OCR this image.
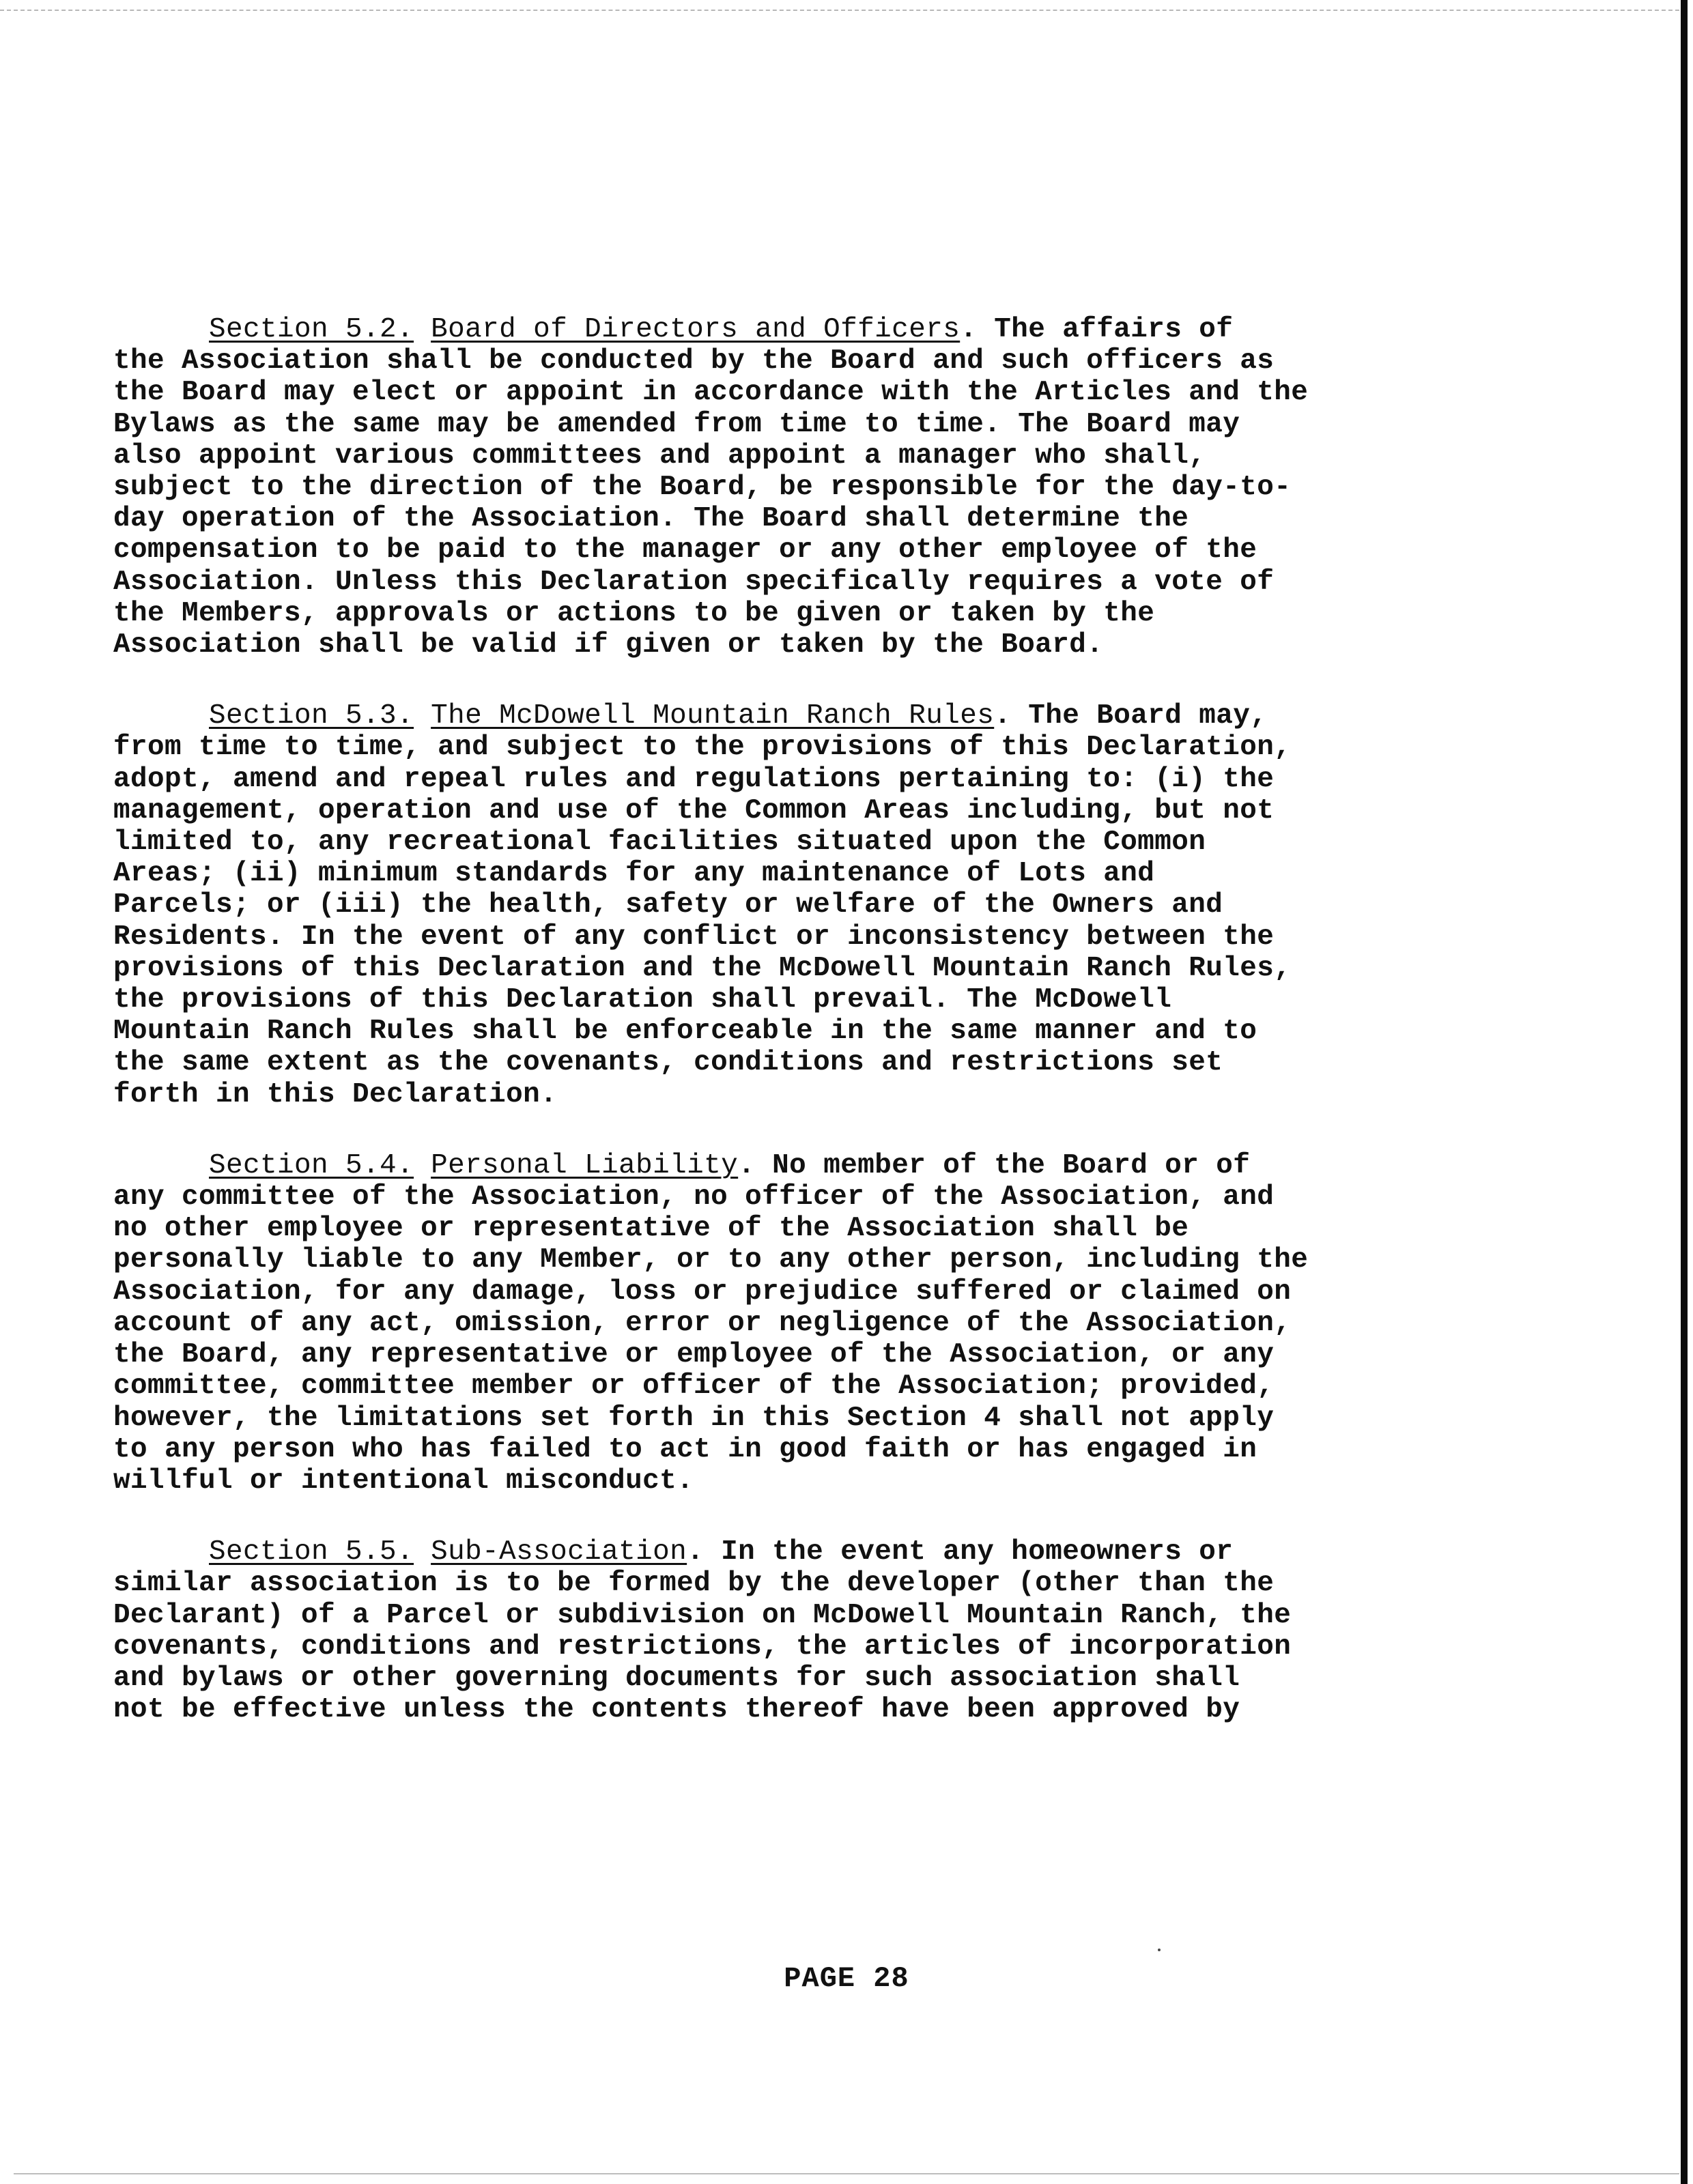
Section 5.2. Board of Directors and Officers. The affairs of
the Association shall be conducted by the Board and such officers as
the Board may elect or appoint in accordance with the Articles and the
Bylaws as the same may be amended from time to time. The Board may
also appoint various committees and appoint a manager who shall,
subject to the direction of the Board, be responsible for the day-to-
day operation of the Association. The Board shall determine the
compensation to be paid to the manager or any other employee of the
Association. Unless this Declaration specifically requires a vote of
the Members, approvals or actions to be given or taken by the
Association shall be valid if given or taken by the Board.

Section 5.3. The McDowell Mountain Ranch Rules. The Board may,
from time to time, and subject to the provisions of this Declaration,
adopt, amend and repeal rules and regulations pertaining to: (i) the
management, operation and use of the Common Areas including, but not
limited to, any recreational facilities situated upon the Common
Areas; (ii) minimum standards for any maintenance of Lots and
Parcels; or (iii) the health, safety or welfare of the Owners and
Residents. In the event of any conflict or inconsistency between the
provisions of this Declaration and the McDowell Mountain Ranch Rules,
the provisions of this Declaration shall prevail. The McDowell
Mountain Ranch Rules shall be enforceable in the same manner and to
the same extent as the covenants, conditions and restrictions set
forth in this Declaration.

Section 5.4. Personal Liability. No member of the Board or of
any committee of the Association, no officer of the Association, and
no other employee or representative of the Association shall be
personally liable to any Member, or to any other person, including the
Association, for any damage, loss or prejudice suffered or claimed on
account of any act, omission, error or negligence of the Association,
the Board, any representative or employee of the Association, or any
committee, committee member or officer of the Association; provided,
however, the limitations set forth in this Section 4 shall not apply
to any person who has failed to act in good faith or has engaged in
willful or intentional misconduct.

Section 5.5. Sub-Association. In the event any homeowners or
similar association is to be formed by the developer (other than the
Declarant) of a Parcel or subdivision on McDowell Mountain Ranch, the
covenants, conditions and restrictions, the articles of incorporation
and bylaws or other governing documents for such association shall
not be effective unless the contents thereof have been approved by

PAGE 28
